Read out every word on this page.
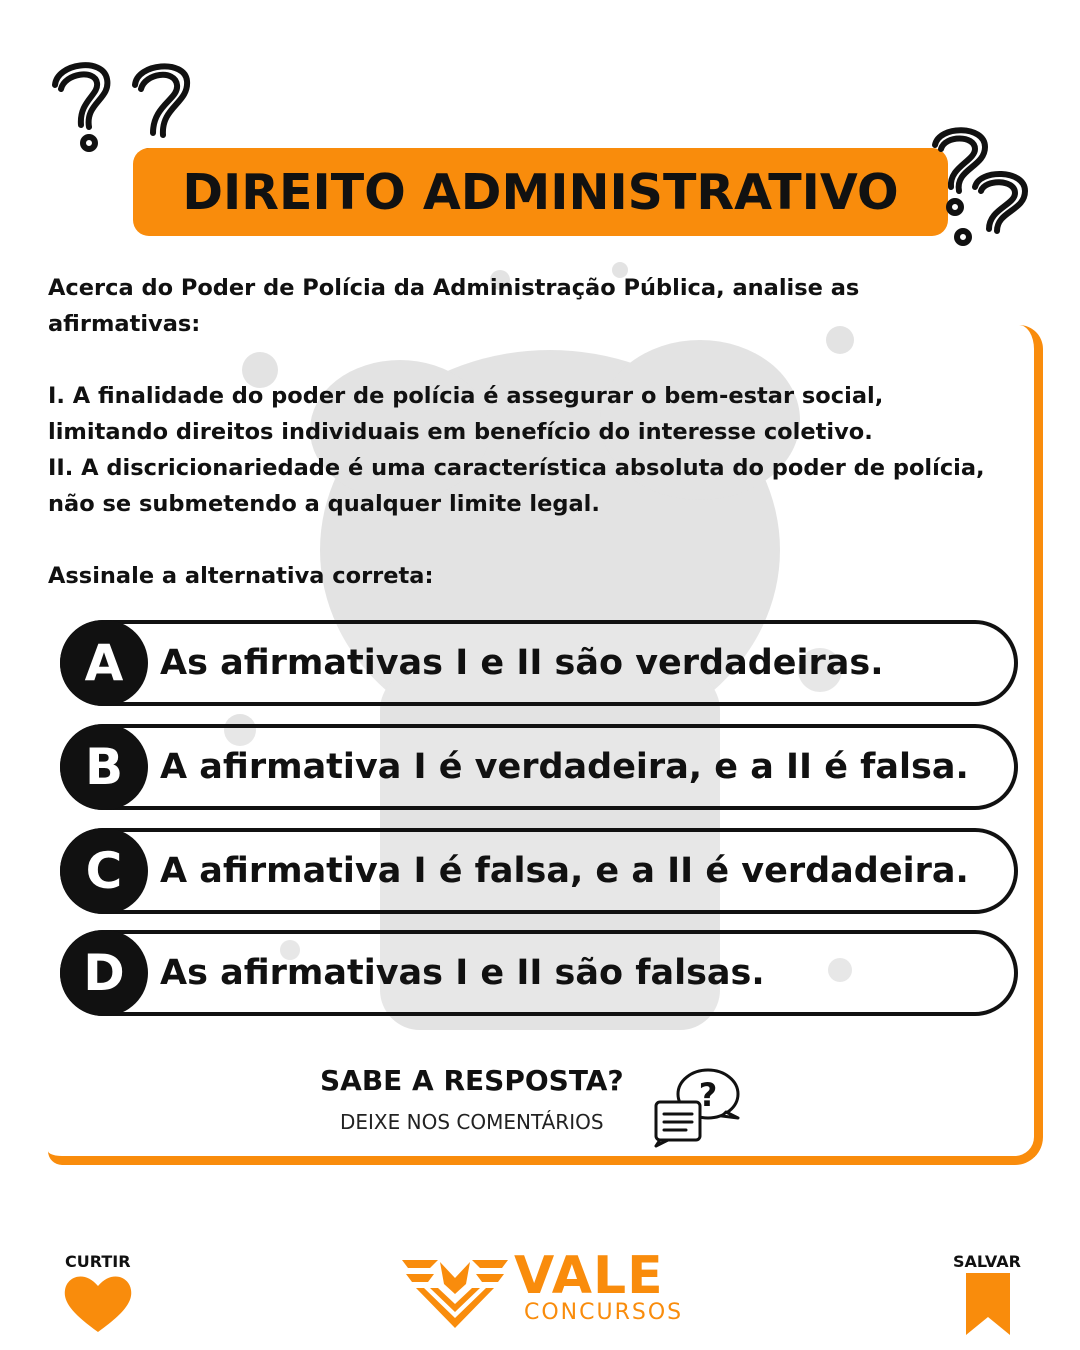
DIREITO ADMINISTRATIVO

Acerca do Poder de Polícia da Administração Pública, analise as

afirmativas:

I. A finalidade do poder de polícia é assegurar o bem-estar social,

limitando direitos individuais em benefício do interesse coletivo.

II. A discricionariedade é uma característica absoluta do poder de polícia,

não se submetendo a qualquer limite legal.

Assinale a alternativa correta:

A	As afirmativas I e II são verdadeiras.
B	A afirmativa I é verdadeira, e a II é falsa.
C	A afirmativa I é falsa, e a II é verdadeira.
D	As afirmativas I e II são falsas.
SABE A RESPOSTA?
DEIXE NOS COMENTÁRIOS
?
CURTIR	SALVAR
VALE
CONCURSOS
